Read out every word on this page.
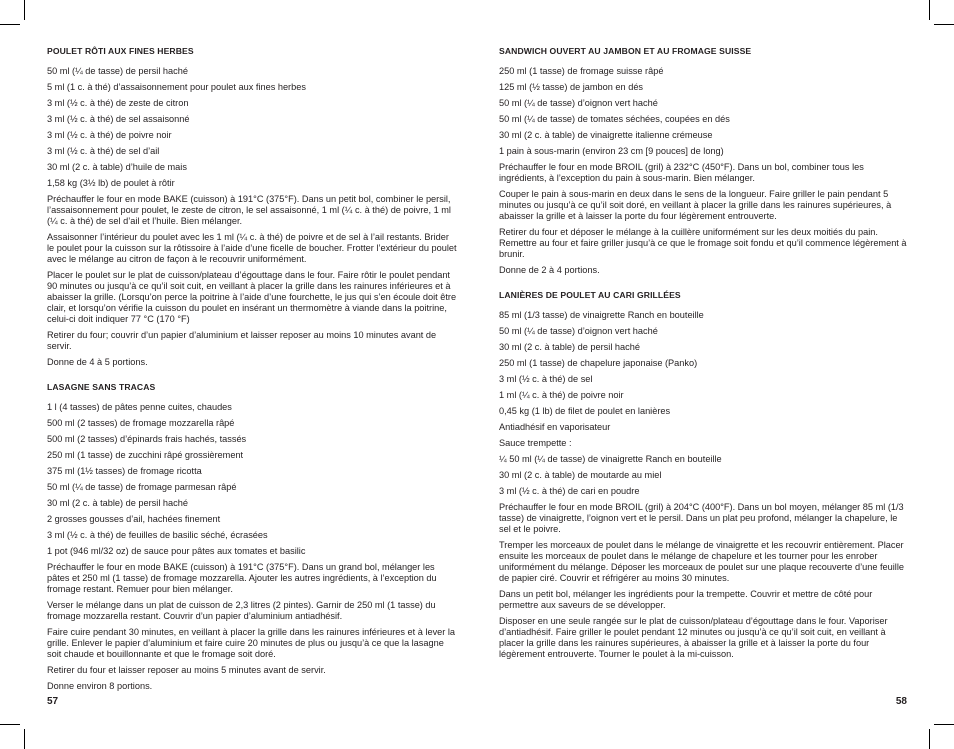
POULET RÔTI AUX FINES HERBES

50 ml (¼ de tasse) de persil haché

5 ml (1 c. à thé) d’assaisonnement pour poulet aux fines herbes

3 ml (½ c. à thé) de zeste de citron

3 ml (½ c. à thé) de sel assaisonné

3 ml (½ c. à thé) de poivre noir

3 ml (½ c. à thé) de sel d’ail

30 ml (2 c. à table) d’huile de mais

1,58 kg (3½ lb) de poulet à rôtir

Préchauffer le four en mode BAKE (cuisson) à 191°C (375°F). Dans un petit bol, combiner le persil, l’assaisonnement pour poulet, le zeste de citron, le sel assaisonné, 1 ml (¼ c. à thé) de poivre, 1 ml (¼ c. à thé) de sel d’ail et l’huile. Bien mélanger.

Assaisonner l’intérieur du poulet avec les 1 ml (¼ c. à thé) de poivre et de sel à l’ail restants. Brider le poulet pour la cuisson sur la rôtissoire à l’aide d’une ficelle de boucher. Frotter l’extérieur du poulet avec le mélange au citron de façon à le recouvrir uniformément.

Placer le poulet sur le plat de cuisson/plateau d’égouttage dans le four. Faire rôtir le poulet pendant 90 minutes ou jusqu’à ce qu’il soit cuit, en veillant à placer la grille dans les rainures inférieures et à abaisser la grille. (Lorsqu’on perce la poitrine à l’aide d’une fourchette, le jus qui s’en écoule doit être clair, et lorsqu’on vérifie la cuisson du poulet en insérant un thermomètre à viande dans la poitrine, celui-ci doit indiquer 77 °C (170 °F)

Retirer du four; couvrir d’un papier d’aluminium et laisser reposer au moins 10 minutes avant de servir.

Donne de 4 à 5 portions.

LASAGNE SANS TRACAS

1 l (4 tasses) de pâtes penne cuites, chaudes

500 ml (2 tasses) de fromage mozzarella râpé

500 ml (2 tasses) d’épinards frais hachés, tassés

250 ml (1 tasse) de zucchini râpé grossièrement

375 ml (1½ tasses) de fromage ricotta

50 ml (¼ de tasse) de fromage parmesan râpé

30 ml (2 c. à table) de persil haché

2 grosses gousses d’ail, hachées finement

3 ml (½ c. à thé) de feuilles de basilic séché, écrasées

1 pot (946 ml/32 oz) de sauce pour pâtes aux tomates et basilic

Préchauffer le four en mode BAKE (cuisson) à 191°C (375°F). Dans un grand bol, mélanger les pâtes et 250 ml (1 tasse) de fromage mozzarella. Ajouter les autres ingrédients, à l’exception du fromage restant. Remuer pour bien mélanger.

Verser le mélange dans un plat de cuisson de 2,3 litres (2 pintes). Garnir de 250 ml (1 tasse) du fromage mozzarella restant. Couvrir d’un papier d’aluminium antiadhésif.

Faire cuire pendant 30 minutes, en veillant à placer la grille dans les rainures inférieures et à lever la grille. Enlever le papier d’aluminium et faire cuire 20 minutes de plus ou jusqu’à ce que la lasagne soit chaude et bouillonnante et que le fromage soit doré.

Retirer du four et laisser reposer au moins 5 minutes avant de servir.

Donne environ 8 portions.

57
SANDWICH OUVERT AU JAMBON ET AU FROMAGE SUISSE

250 ml (1 tasse) de fromage suisse râpé

125 ml (½ tasse) de jambon en dés

50 ml (¼ de tasse) d’oignon vert haché

50 ml (¼ de tasse) de tomates séchées, coupées en dés

30 ml (2 c. à table) de vinaigrette italienne crémeuse

1 pain à sous-marin (environ 23 cm [9 pouces] de long)

Préchauffer le four en mode BROIL (gril) à 232°C (450°F). Dans un bol, combiner tous les ingrédients, à l’exception du pain à sous-marin. Bien mélanger.

Couper le pain à sous-marin en deux dans le sens de la longueur. Faire griller le pain pendant 5 minutes ou jusqu’à ce qu’il soit doré, en veillant à placer la grille dans les rainures supérieures, à abaisser la grille et à laisser la porte du four légèrement entrouverte.

Retirer du four et déposer le mélange à la cuillère uniformément sur les deux moitiés du pain. Remettre au four et faire griller jusqu’à ce que le fromage soit fondu et qu’il commence légèrement à brunir.

Donne de 2 à 4 portions.

LANIÈRES DE POULET AU CARI GRILLÉES

85 ml (1/3 tasse) de vinaigrette Ranch en bouteille

50 ml (¼ de tasse) d’oignon vert haché

30 ml (2 c. à table) de persil haché

250 ml (1 tasse) de chapelure japonaise (Panko)

3 ml (½ c. à thé) de sel

1 ml (¼ c. à thé) de poivre noir

0,45 kg (1 lb) de filet de poulet en lanières

Antiadhésif en vaporisateur

Sauce trempette :

¼ 50 ml (¼ de tasse) de vinaigrette Ranch en bouteille

30 ml (2 c. à table) de moutarde au miel

3 ml (½ c. à thé) de cari en poudre

Préchauffer le four en mode BROIL (gril) à 204°C (400°F). Dans un bol moyen, mélanger 85 ml (1/3 tasse) de vinaigrette, l’oignon vert et le persil. Dans un plat peu profond, mélanger la chapelure, le sel et le poivre.

Tremper les morceaux de poulet dans le mélange de vinaigrette et les recouvrir entièrement. Placer ensuite les morceaux de poulet dans le mélange de chapelure et les tourner pour les enrober uniformément du mélange. Déposer les morceaux de poulet sur une plaque recouverte d’une feuille de papier ciré. Couvrir et réfrigérer au moins 30 minutes.

Dans un petit bol, mélanger les ingrédients pour la trempette. Couvrir et mettre de côté pour permettre aux saveurs de se développer.

Disposer en une seule rangée sur le plat de cuisson/plateau d’égouttage dans le four. Vaporiser d’antiadhésif. Faire griller le poulet pendant 12 minutes ou jusqu’à ce qu’il soit cuit, en veillant à placer la grille dans les rainures supérieures, à abaisser la grille et à laisser la porte du four légèrement entrouverte. Tourner le poulet à la mi-cuisson.

58
